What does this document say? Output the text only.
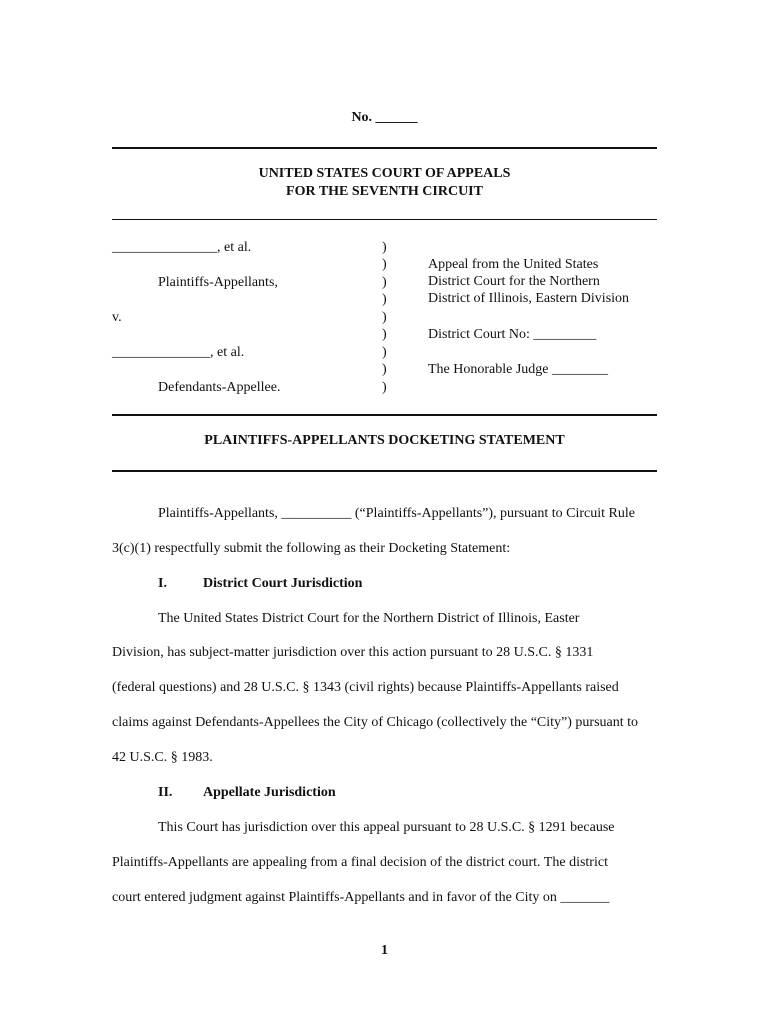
No. ______
UNITED STATES COURT OF APPEALS
FOR THE SEVENTH CIRCUIT
_______________, et al.
Plaintiffs-Appellants,
v.
______________, et al.
Defendants-Appellee.
)
)
)
)
)
)
)
)
)
Appeal from the United States
District Court for the Northern
District of Illinois, Eastern Division
District Court No: _________
The Honorable Judge ________
PLAINTIFFS-APPELLANTS DOCKETING STATEMENT
Plaintiffs-Appellants, __________ (“Plaintiffs-Appellants”), pursuant to Circuit Rule
3(c)(1) respectfully submit the following as their Docketing Statement:
I.	District Court Jurisdiction
The United States District Court for the Northern District of Illinois, Easter
Division, has subject-matter jurisdiction over this action pursuant to 28 U.S.C. § 1331
(federal questions) and 28 U.S.C. § 1343 (civil rights) because Plaintiffs-Appellants raised
claims against Defendants-Appellees the City of Chicago (collectively the “City”) pursuant to
42 U.S.C. § 1983.
II. Appellate Jurisdiction
This Court has jurisdiction over this appeal pursuant to 28 U.S.C. § 1291 because
Plaintiffs-Appellants are appealing from a final decision of the district court. The district
court entered judgment against Plaintiffs-Appellants and in favor of the City on _______
1
